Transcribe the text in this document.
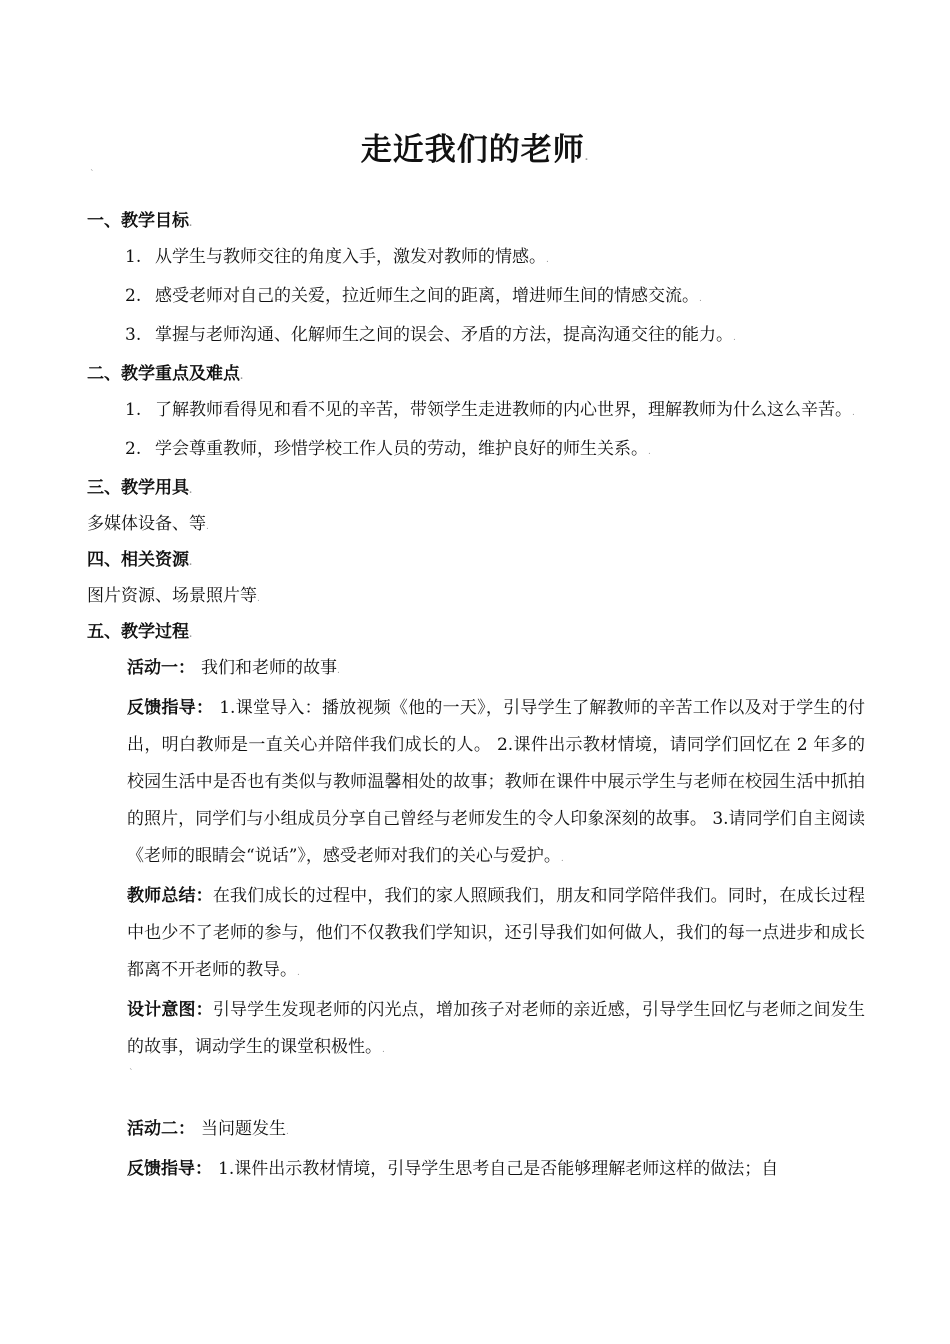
走近我们的老师.
`
一、教学目标.
1. 从学生与教师交往的角度入手，激发对教师的情感。.
2. 感受老师对自己的关爱，拉近师生之间的距离，增进师生间的情感交流。.
3. 掌握与老师沟通、化解师生之间的误会、矛盾的方法，提高沟通交往的能力。.
二、教学重点及难点.
1. 了解教师看得见和看不见的辛苦，带领学生走进教师的内心世界，理解教师为什么这么辛苦。.
2. 学会尊重教师，珍惜学校工作人员的劳动，维护良好的师生关系。.
三、教学用具.
多媒体设备、等.
四、相关资源.
图片资源、场景照片等.
五、教学过程.
活动一： 我们和老师的故事.
反馈指导： 1.课堂导入：播放视频《他的一天》，引导学生了解教师的辛苦工作以及对于学生的付出，明白教师是一直关心并陪伴我们成长的人。 2.课件出示教材情境，请同学们回忆在 2 年多的校园生活中是否也有类似与教师温馨相处的故事；教师在课件中展示学生与老师在校园生活中抓拍的照片，同学们与小组成员分享自己曾经与老师发生的令人印象深刻的故事。 3.请同学们自主阅读《老师的眼睛会“说话”》，感受老师对我们的关心与爱护。.
教师总结：在我们成长的过程中，我们的家人照顾我们，朋友和同学陪伴我们。同时，在成长过程中也少不了老师的参与，他们不仅教我们学知识，还引导我们如何做人，我们的每一点进步和成长都离不开老师的教导。.
设计意图：引导学生发现老师的闪光点，增加孩子对老师的亲近感，引导学生回忆与老师之间发生的故事，调动学生的课堂积极性。.
`
活动二： 当问题发生.
反馈指导： 1.课件出示教材情境，引导学生思考自己是否能够理解老师这样的做法；自
